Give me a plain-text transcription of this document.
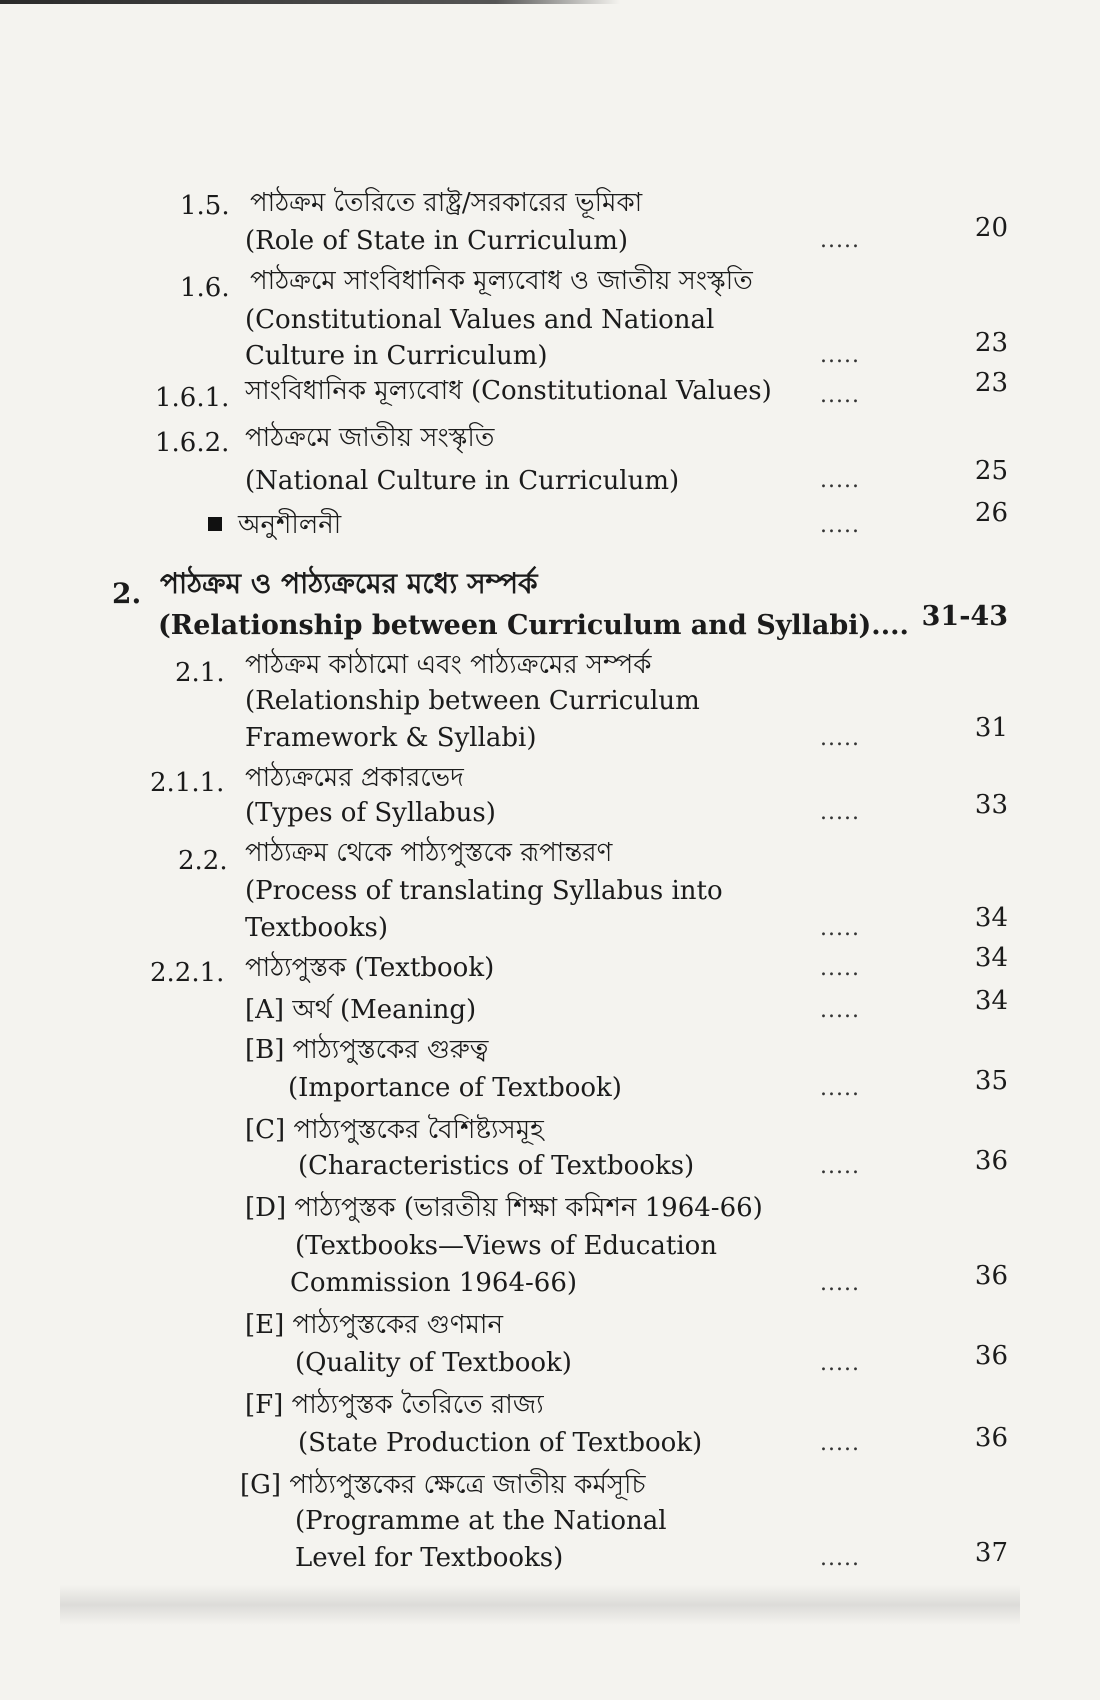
1.5. পাঠক্রম তৈরিতে রাষ্ট্র/সরকারের ভূমিকা
(Role of State in Curriculum)	.....	20
1.6. পাঠক্রমে সাংবিধানিক মূল্যবোধ ও জাতীয় সংস্কৃতি
(Constitutional Values and National
Culture in Curriculum)	.....	23
1.6.1. সাংবিধানিক মূল্যবোধ (Constitutional Values) .....	23
1.6.2. পাঠক্রমে জাতীয় সংস্কৃতি
(National Culture in Curriculum)	.....	25
অনুশীলনী	.....	26
2. পাঠক্রম ও পাঠ্যক্রমের মধ্যে সম্পর্ক
(Relationship between Curriculum and Syllabi).... 31-43
2.1. পাঠক্রম কাঠামো এবং পাঠ্যক্রমের সম্পর্ক
(Relationship between Curriculum
Framework & Syllabi)	.....	31
2.1.1. পাঠ্যক্রমের প্রকারভেদ
(Types of Syllabus)	.....	33
2.2. পাঠ্যক্রম থেকে পাঠ্যপুস্তকে রূপান্তরণ
(Process of translating Syllabus into
Textbooks)	.....	34
2.2.1. পাঠ্যপুস্তক (Textbook)	.....	34
[A] অর্থ (Meaning)	.....	34
[B] পাঠ্যপুস্তকের গুরুত্ব
(Importance of Textbook)	.....	35
[C] পাঠ্যপুস্তকের বৈশিষ্ট্যসমূহ
(Characteristics of Textbooks)	.....	36
[D] পাঠ্যপুস্তক (ভারতীয় শিক্ষা কমিশন 1964-66)
(Textbooks—Views of Education
Commission 1964-66)	.....	36
[E] পাঠ্যপুস্তকের গুণমান
(Quality of Textbook)	.....	36
[F] পাঠ্যপুস্তক তৈরিতে রাজ্য
(State Production of Textbook)	.....	36
[G] পাঠ্যপুস্তকের ক্ষেত্রে জাতীয় কর্মসূচি
(Programme at the National
Level for Textbooks)	.....	37
